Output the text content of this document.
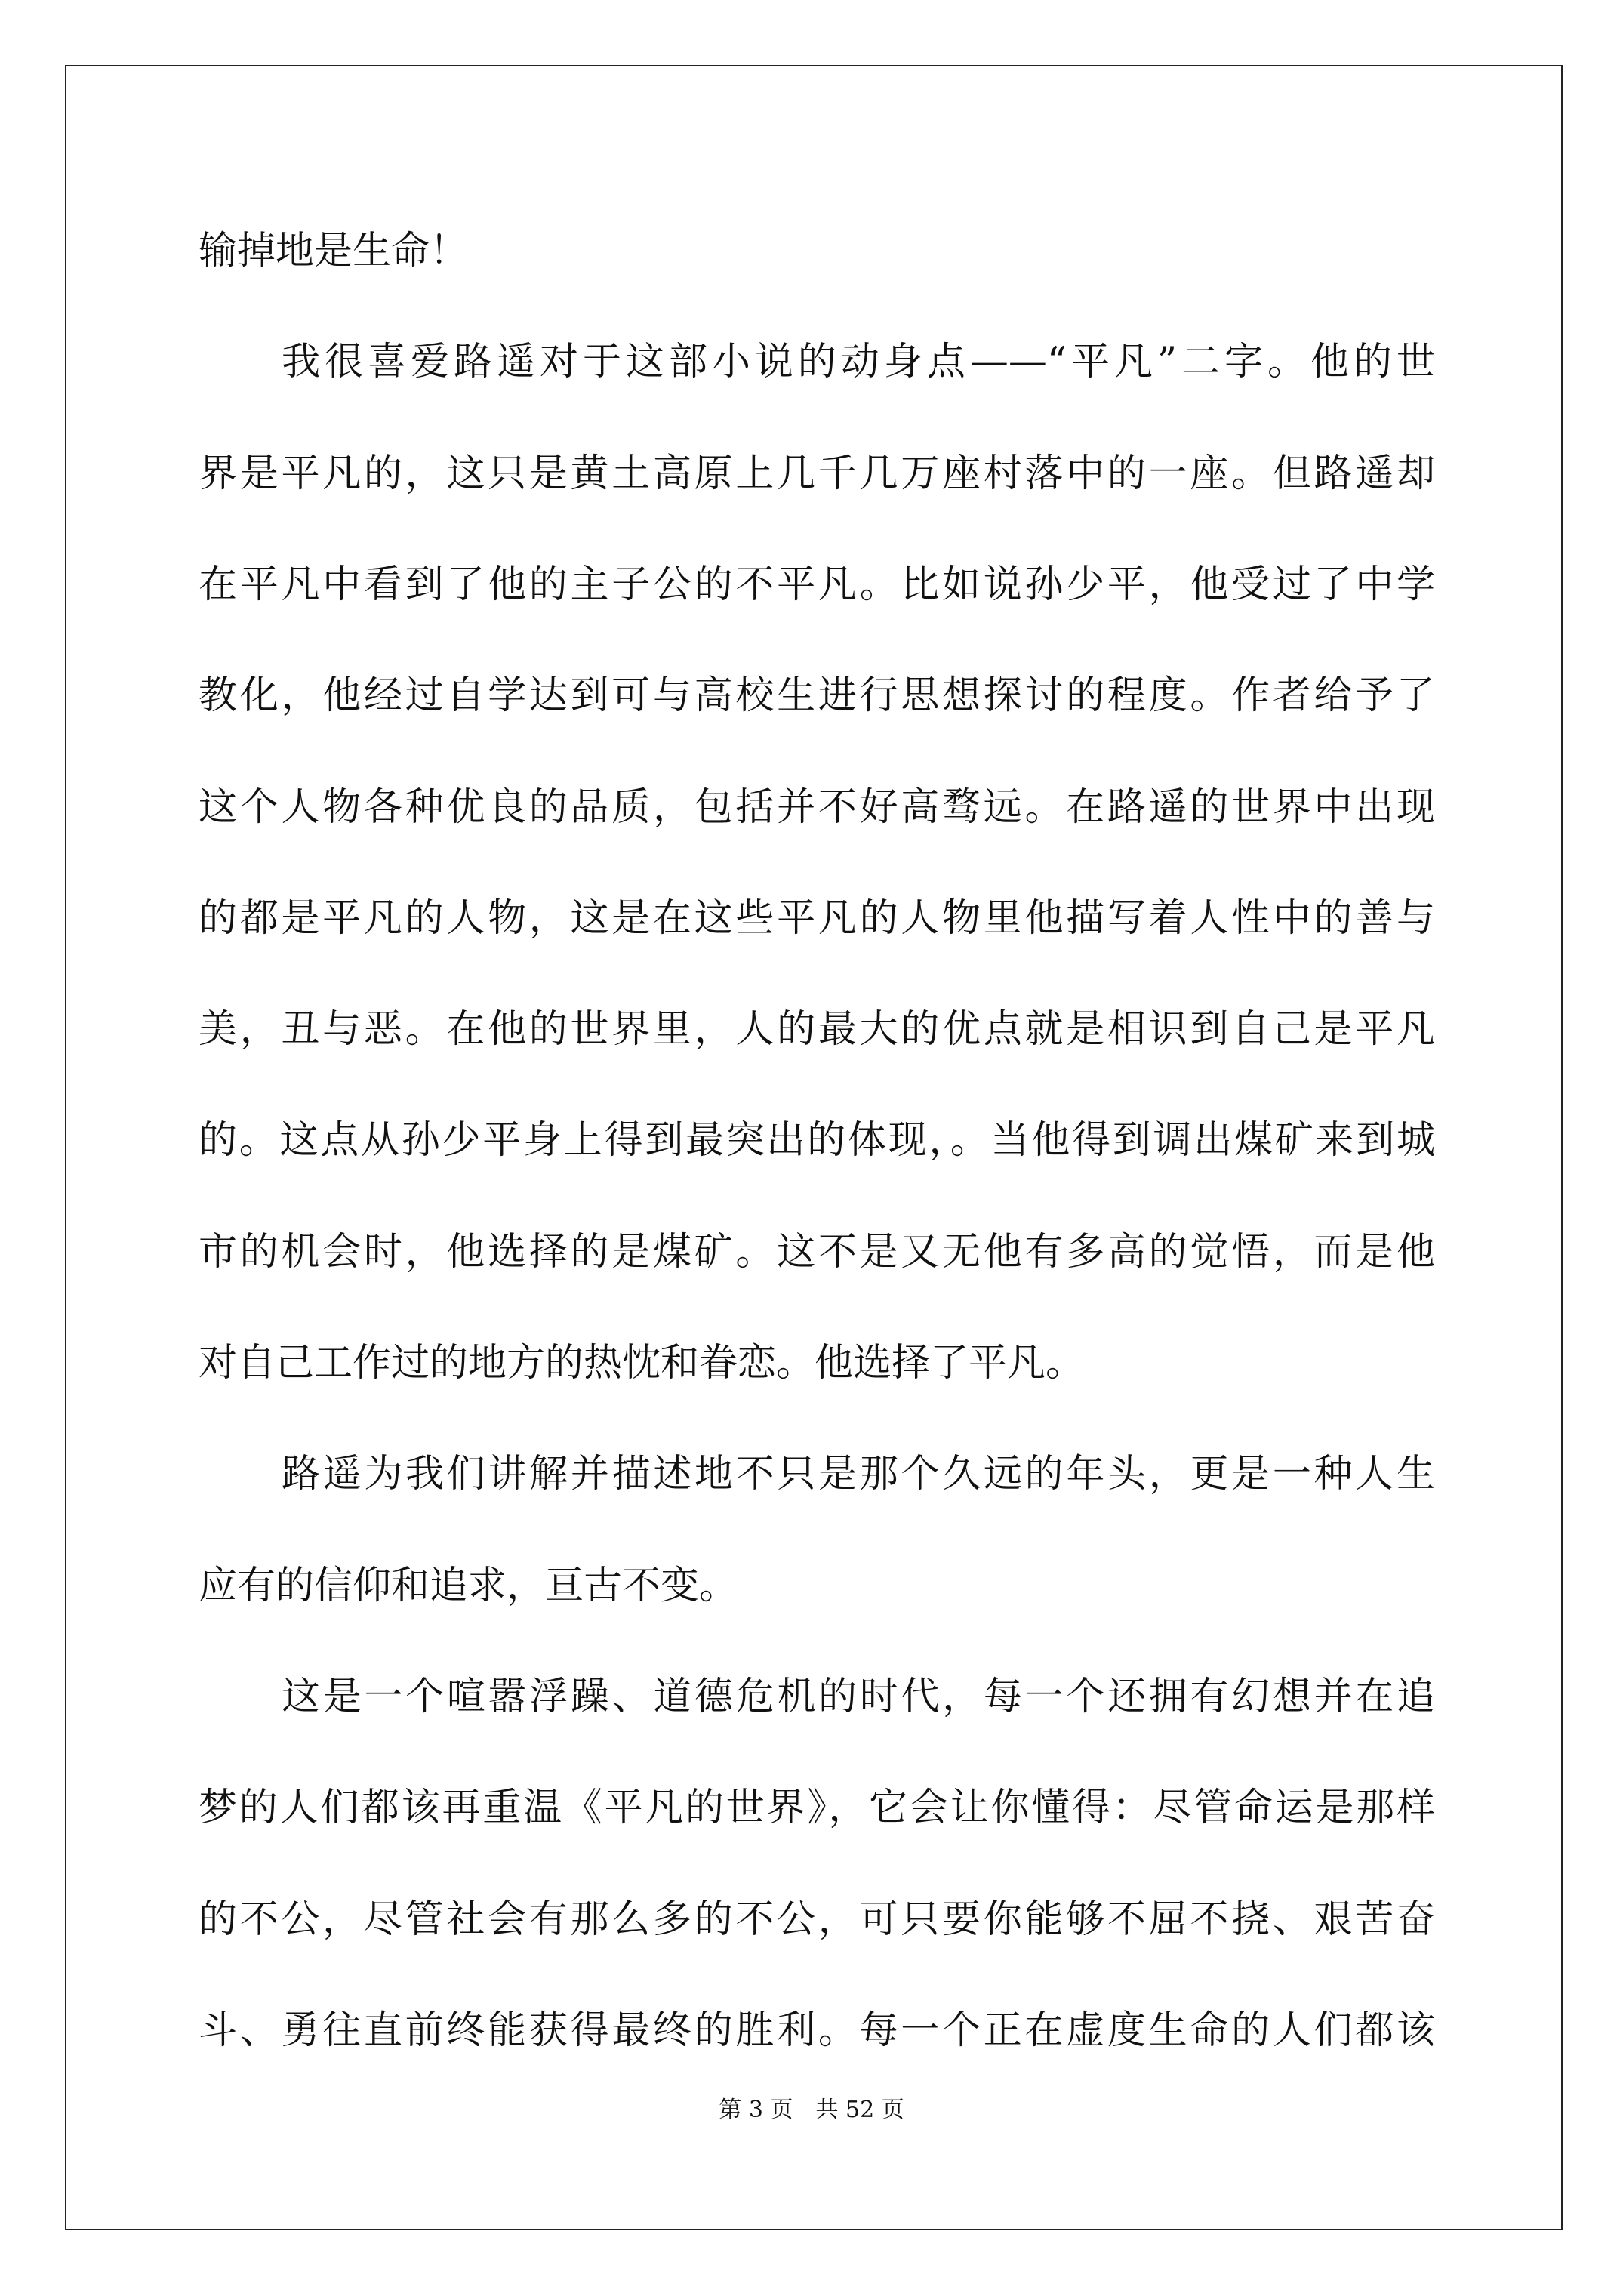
输掉地是生命！
我很喜爱路遥对于这部小说的动身点——“平凡”二字。他的世
界是平凡的，这只是黄土高原上几千几万座村落中的一座。但路遥却
在平凡中看到了他的主子公的不平凡。比如说孙少平，他受过了中学
教化，他经过自学达到可与高校生进行思想探讨的程度。作者给予了
这个人物各种优良的品质，包括并不好高骛远。在路遥的世界中出现
的都是平凡的人物，这是在这些平凡的人物里他描写着人性中的善与
美，丑与恶。在他的世界里，人的最大的优点就是相识到自己是平凡
的。这点从孙少平身上得到最突出的体现，。当他得到调出煤矿来到城
市的机会时，他选择的是煤矿。这不是又无他有多高的觉悟，而是他
对自己工作过的地方的热忱和眷恋。他选择了平凡。
路遥为我们讲解并描述地不只是那个久远的年头，更是一种人生
应有的信仰和追求，亘古不变。
这是一个喧嚣浮躁、道德危机的时代，每一个还拥有幻想并在追
梦的人们都该再重温《平凡的世界》，它会让你懂得：尽管命运是那样
的不公，尽管社会有那么多的不公，可只要你能够不屈不挠、艰苦奋
斗、勇往直前终能获得最终的胜利。每一个正在虚度生命的人们都该
第 3 页　共 52 页
